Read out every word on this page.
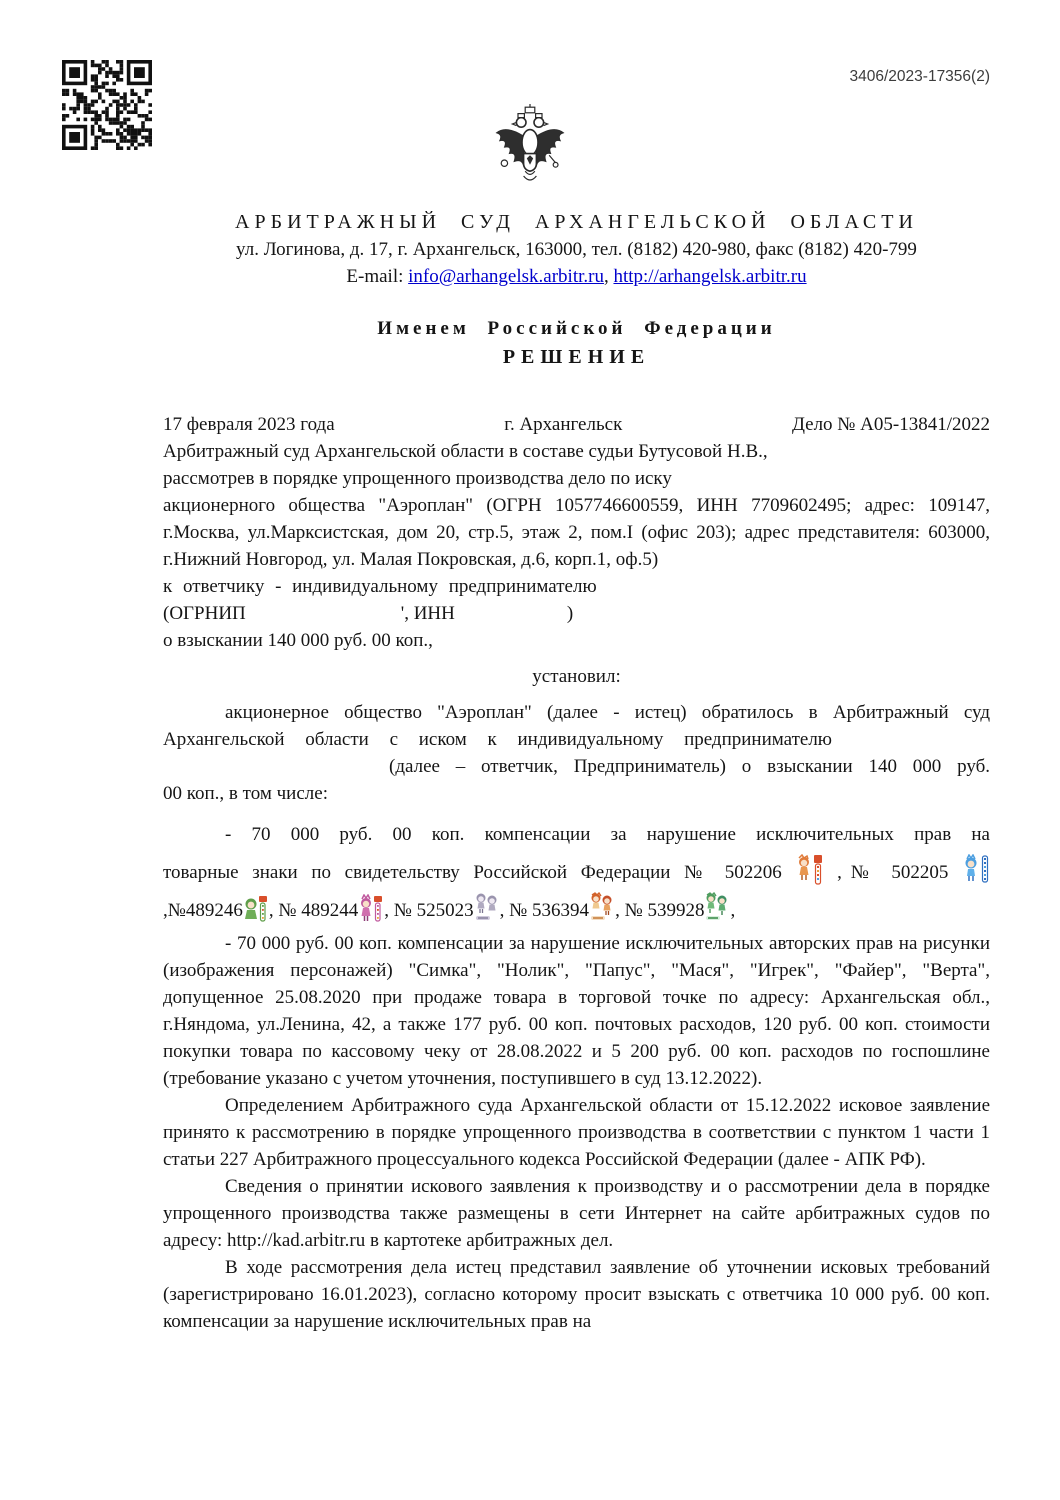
3406/2023-17356(2)
АРБИТРАЖНЫЙ СУД АРХАНГЕЛЬСКОЙ ОБЛАСТИ
ул. Логинова, д. 17, г. Архангельск, 163000, тел. (8182) 420-980, факс (8182) 420-799
E-mail: info@arhangelsk.arbitr.ru, http://arhangelsk.arbitr.ru
Именем Российской Федерации
РЕШЕНИЕ
17 февраля 2023 года	г. Архангельск	Дело № А05-13841/2022

Арбитражный суд Архангельской области в составе судьи Бутусовой Н.В.,

рассмотрев в порядке упрощенного производства дело по иску

акционерного общества "Аэроплан" (ОГРН 1057746600559, ИНН 7709602495; адрес: 109147, г.Москва, ул.Марксистская, дом 20, стр.5, этаж 2, пом.I (офис 203); адрес представителя: 603000, г.Нижний Новгород, ул. Малая Покровская, д.6, корп.1, оф.5)

к ответчику - индивидуальному предпринимателю

(ОГРНИП	', ИНН	)

о взыскании 140 000 руб. 00 коп.,

установил:
акционерное общество "Аэроплан" (далее - истец) обратилось в Арбитражный суд
Архангельской области с иском к индивидуальному предпринимателю
(далее – ответчик, Предприниматель) о взыскании 140 000 руб.
00 коп., в том числе:
- 70 000 руб. 00 коп. компенсации за нарушение исключительных прав на
товарные знаки по свидетельству Российской Федерации № 502206	,№ 502205
,№489246 , № 489244 , № 525023 , № 536394 , № 539928 ,

- 70 000 руб. 00 коп. компенсации за нарушение исключительных авторских прав на рисунки (изображения персонажей) "Симка", "Нолик", "Папус", "Мася", "Игрек", "Файер", "Верта", допущенное 25.08.2020 при продаже товара в торговой точке по адресу: Архангельская обл., г.Няндома, ул.Ленина, 42, а также 177 руб. 00 коп. почтовых расходов, 120 руб. 00 коп. стоимости покупки товара по кассовому чеку от 28.08.2022 и 5 200 руб. 00 коп. расходов по госпошлине (требование указано с учетом уточнения, поступившего в суд 13.12.2022).

Определением Арбитражного суда Архангельской области от 15.12.2022 исковое заявление принято к рассмотрению в порядке упрощенного производства в соответствии с пунктом 1 части 1 статьи 227 Арбитражного процессуального кодекса Российской Федерации (далее - АПК РФ).

Сведения о принятии искового заявления к производству и о рассмотрении дела в порядке упрощенного производства также размещены в сети Интернет на сайте арбитражных судов по адресу: http://kad.arbitr.ru в картотеке арбитражных дел.

В ходе рассмотрения дела истец представил заявление об уточнении исковых требований (зарегистрировано 16.01.2023), согласно которому просит взыскать с ответчика 10 000 руб. 00 коп. компенсации за нарушение исключительных прав на
